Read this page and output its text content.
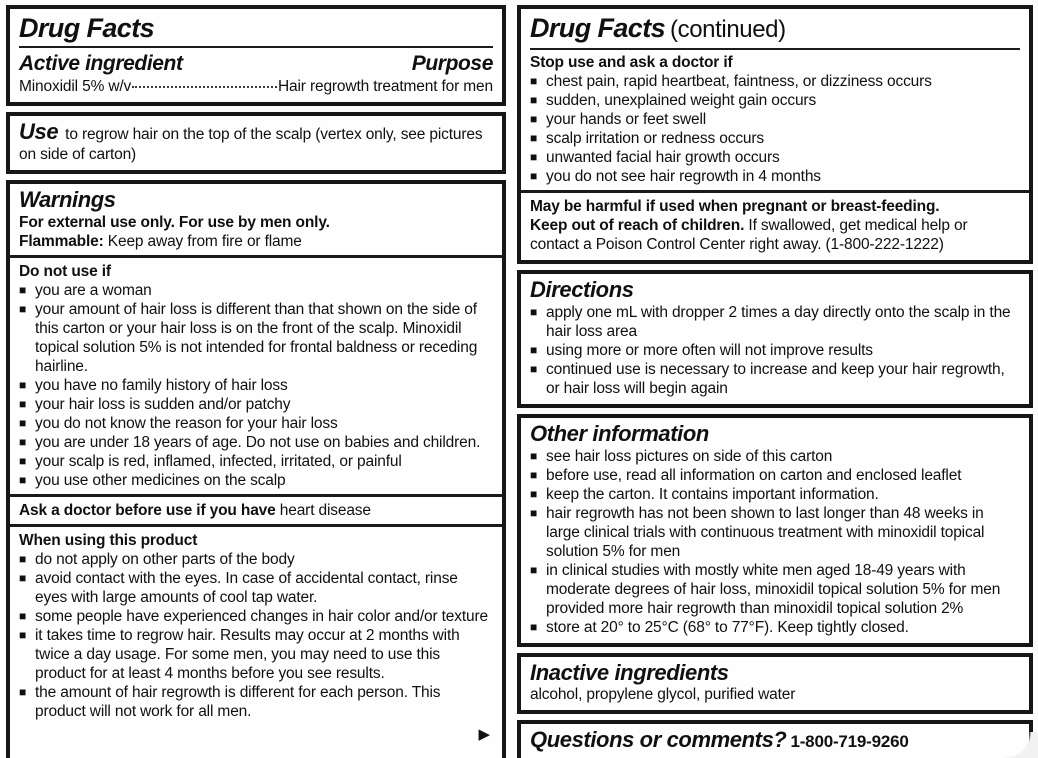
Drug Facts
Active ingredient	Purpose
Minoxidil 5% w/v	Hair regrowth treatment for men

Use to regrow hair on the top of the scalp (vertex only, see pictures on side of carton)

Warnings
For external use only. For use by men only.
Flammable: Keep away from fire or flame
Do not use if
■ you are a woman
■ your amount of hair loss is different than that shown on the side of this carton or your hair loss is on the front of the scalp. Minoxidil topical solution 5% is not intended for frontal baldness or receding hairline.
■ you have no family history of hair loss
■ your hair loss is sudden and/or patchy
■ you do not know the reason for your hair loss
■ you are under 18 years of age. Do not use on babies and children.
■ your scalp is red, inflamed, infected, irritated, or painful
■ you use other medicines on the scalp
Ask a doctor before use if you have heart disease
When using this product
■ do not apply on other parts of the body
■ avoid contact with the eyes. In case of accidental contact, rinse eyes with large amounts of cool tap water.
■ some people have experienced changes in hair color and/or texture
■ it takes time to regrow hair. Results may occur at 2 months with twice a day usage. For some men, you may need to use this product for at least 4 months before you see results.
■ the amount of hair regrowth is different for each person. This product will not work for all men.
▶
Drug Facts (continued)
Stop use and ask a doctor if
■ chest pain, rapid heartbeat, faintness, or dizziness occurs
■ sudden, unexplained weight gain occurs
■ your hands or feet swell
■ scalp irritation or redness occurs
■ unwanted facial hair growth occurs
■ you do not see hair regrowth in 4 months
May be harmful if used when pregnant or breast-feeding.
Keep out of reach of children. If swallowed, get medical help or contact a Poison Control Center right away. (1-800-222-1222)
Directions
■ apply one mL with dropper 2 times a day directly onto the scalp in the hair loss area
■ using more or more often will not improve results
■ continued use is necessary to increase and keep your hair regrowth, or hair loss will begin again
Other information
■ see hair loss pictures on side of this carton
■ before use, read all information on carton and enclosed leaflet
■ keep the carton. It contains important information.
■ hair regrowth has not been shown to last longer than 48 weeks in large clinical trials with continuous treatment with minoxidil topical solution 5% for men
■ in clinical studies with mostly white men aged 18-49 years with moderate degrees of hair loss, minoxidil topical solution 5% for men provided more hair regrowth than minoxidil topical solution 2%
■ store at 20° to 25°C (68° to 77°F). Keep tightly closed.
Inactive ingredients
alcohol, propylene glycol, purified water
Questions or comments? 1-800-719-9260
